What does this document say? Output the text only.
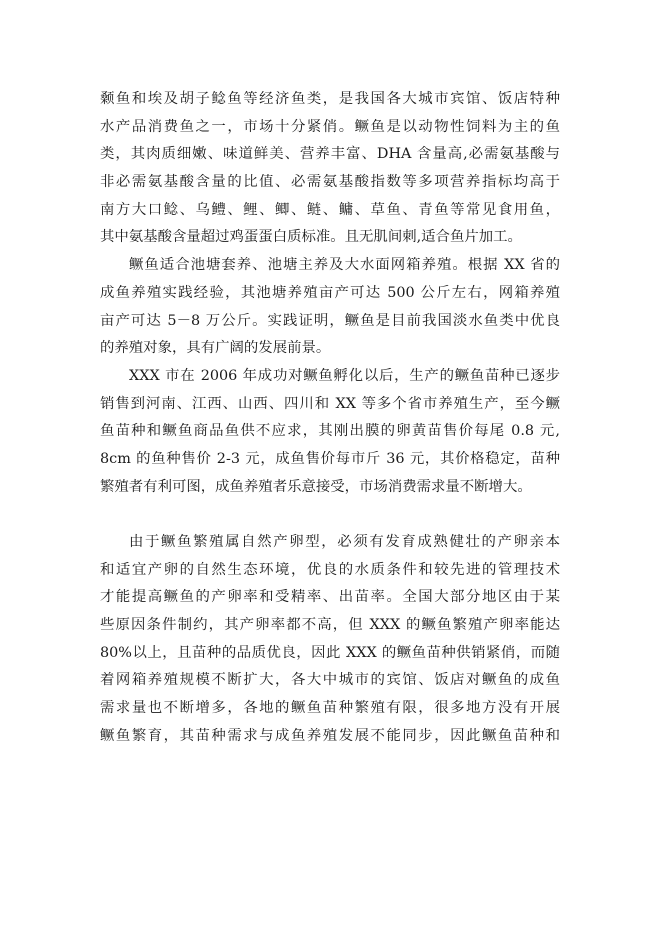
颡鱼和埃及胡子鲶鱼等经济鱼类，是我国各大城市宾馆、饭店特种
水产品消费鱼之一，市场十分紧俏。鳜鱼是以动物性饲料为主的鱼
类，其肉质细嫩、味道鲜美、营养丰富、DHA 含量高,必需氨基酸与
非必需氨基酸含量的比值、必需氨基酸指数等多项营养指标均高于
南方大口鲶、乌鳢、鲤、鲫、鲢、鳙、草鱼、青鱼等常见食用鱼，
其中氨基酸含量超过鸡蛋蛋白质标准。且无肌间刺,适合鱼片加工。
鳜鱼适合池塘套养、池塘主养及大水面网箱养殖。根据 XX 省的
成鱼养殖实践经验，其池塘养殖亩产可达 500 公斤左右，网箱养殖
亩产可达 5－8 万公斤。实践证明，鳜鱼是目前我国淡水鱼类中优良
的养殖对象，具有广阔的发展前景。
XXX 市在 2006 年成功对鳜鱼孵化以后，生产的鳜鱼苗种已逐步
销售到河南、江西、山西、四川和 XX 等多个省市养殖生产，至今鳜
鱼苗种和鳜鱼商品鱼供不应求，其刚出膜的卵黄苗售价每尾 0.8 元,
8cm 的鱼种售价 2-3 元，成鱼售价每市斤 36 元，其价格稳定，苗种
繁殖者有利可图，成鱼养殖者乐意接受，市场消费需求量不断增大。
由于鳜鱼繁殖属自然产卵型，必须有发育成熟健壮的产卵亲本
和适宜产卵的自然生态环境，优良的水质条件和较先进的管理技术
才能提高鳜鱼的产卵率和受精率、出苗率。全国大部分地区由于某
些原因条件制约，其产卵率都不高，但 XXX 的鳜鱼繁殖产卵率能达
80%以上，且苗种的品质优良，因此 XXX 的鳜鱼苗种供销紧俏，而随
着网箱养殖规模不断扩大，各大中城市的宾馆、饭店对鳜鱼的成鱼
需求量也不断增多，各地的鳜鱼苗种繁殖有限，很多地方没有开展
鳜鱼繁育，其苗种需求与成鱼养殖发展不能同步，因此鳜鱼苗种和
